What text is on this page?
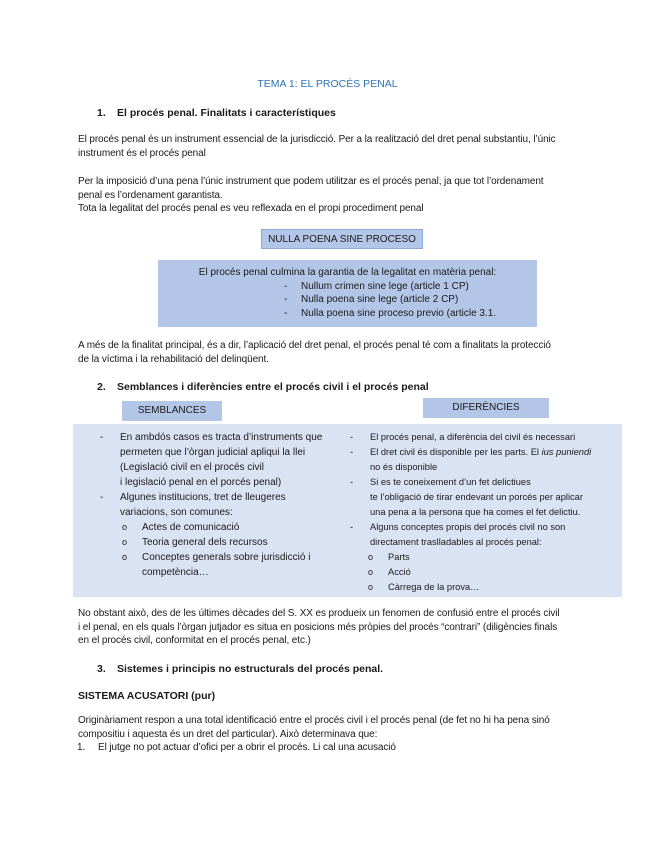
TEMA 1: EL PROCÉS PENAL
1. El procés penal. Finalitats i característiques
El procés penal és un instrument essencial de la jurisdicció. Per a la realització del dret penal substantiu, l’únic
instrument és el procés penal
Per la imposició d’una pena l’únic instrument que podem utilitzar es el procés penal, ja que tot l’ordenament
penal es l’ordenament garantista.
Tota la legalitat del procés penal es veu reflexada en el propi procediment penal
NULLA POENA SINE PROCESO
El procés penal culmina la garantia de la legalitat en matèria penal:
- Nullum crimen sine lege (article 1 CP)
- Nulla poena sine lege (article 2 CP)
- Nulla poena sine proceso previo (article 3.1.
A més de la finalitat principal, és a dir, l’aplicació del dret penal, el procés penal té com a finalitats la protecció
de la víctima i la rehabilitació del delinqüent.
2. Semblances i diferències entre el procés civil i el procés penal
- En ambdós casos es tracta d’instruments que
permeten que l’òrgan judicial apliqui la llei
(Legislació civil en el procés civil
i legislació penal en el porcés penal)
- Algunes institucions, tret de lleugeres
variacions, son comunes:
o Actes de comunicació
o Teoria general dels recursos
o Conceptes generals sobre jurisdicció i
competència…
- El procés penal, a diferència del civil és necessari
- El dret civil és disponible per les parts. El ius puniendi
no és disponible
- Si es te coneixement d’un fet delictiues
te l’obligació de tirar endevant un porcés per aplicar
una pena a la persona que ha comes el fet delictiu.
- Alguns conceptes propis del procés civil no son
directament traslladables al procés penal:
o Parts
o Acció
o Càrrega de la prova…
SEMBLANCES	DIFERÈNCIES
No obstant això, des de les últimes dècades del S. XX es produeix un fenomen de confusió entre el procés civil
i el penal, en els quals l’òrgan jutjador es situa en posicions més pròpies del procés “contrari” (diligències finals
en el procés civil, conformitat en el procés penal, etc.)
3. Sistemes i principis no estructurals del procés penal.
SISTEMA ACUSATORI (pur)
Originàriament respon a una total identificació entre el procés civil i el procés penal (de fet no hi ha pena sinó
compositiu i aquesta és un dret del particular). Això determinava que:
1. El jutge no pot actuar d’ofici per a obrir el procés. Li cal una acusació
